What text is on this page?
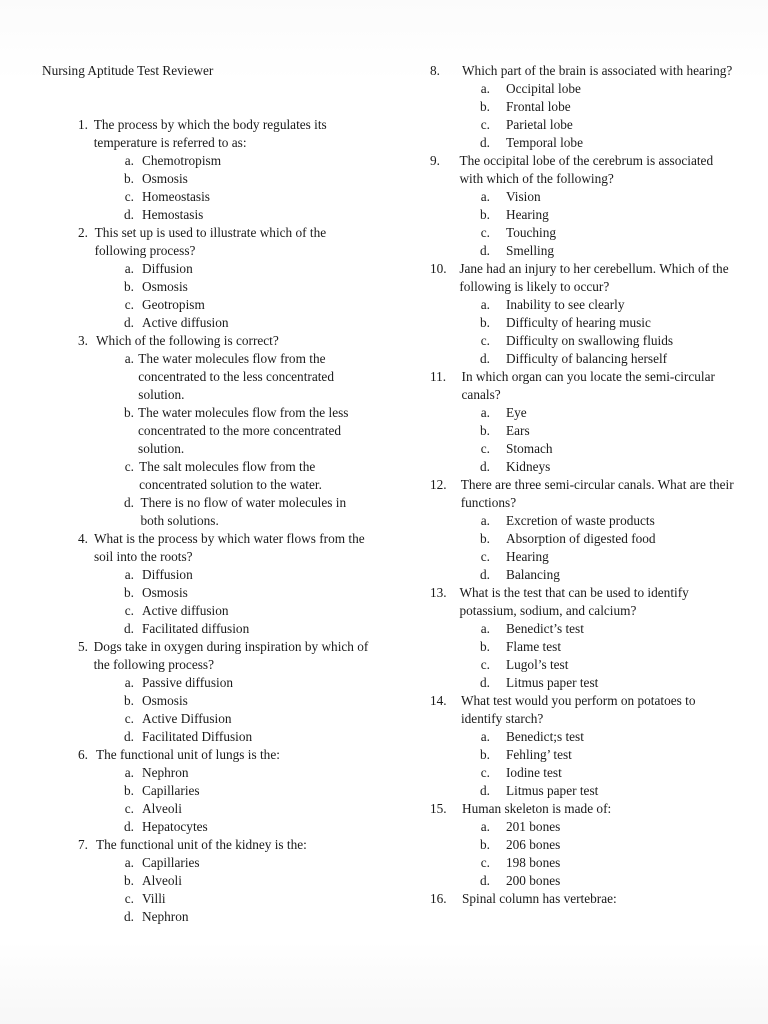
Nursing Aptitude Test Reviewer
1. The process by which the body regulates its temperature is referred to as:
a. Chemotropism
b. Osmosis
c. Homeostasis
d. Hemostasis
2. This set up is used to illustrate which of the following process?
a. Diffusion
b. Osmosis
c. Geotropism
d. Active diffusion
3. Which of the following is correct?
a. The water molecules flow from the concentrated to the less concentrated solution.
b. The water molecules flow from the less concentrated to the more concentrated solution.
c. The salt molecules flow from the concentrated solution to the water.
d. There is no flow of water molecules in both solutions.
4. What is the process by which water flows from the soil into the roots?
a. Diffusion
b. Osmosis
c. Active diffusion
d. Facilitated diffusion
5. Dogs take in oxygen during inspiration by which of the following process?
a. Passive diffusion
b. Osmosis
c. Active Diffusion
d. Facilitated Diffusion
6. The functional unit of lungs is the:
a. Nephron
b. Capillaries
c. Alveoli
d. Hepatocytes
7. The functional unit of the kidney is the:
a. Capillaries
b. Alveoli
c. Villi
d. Nephron
8.	Which part of the brain is associated with hearing?
a.	Occipital lobe
b.	Frontal lobe
c.	Parietal lobe
d.	Temporal lobe
9.	The occipital lobe of the cerebrum is associated with which of the following?
a.	Vision
b.	Hearing
c.	Touching
d.	Smelling
10. Jane had an injury to her cerebellum. Which of the following is likely to occur?
a.	Inability to see clearly
b.	Difficulty of hearing music
c.	Difficulty on swallowing fluids
d.	Difficulty of balancing herself
11.	In which organ can you locate the semi-circular canals?
a.	Eye
b.	Ears
c.	Stomach
d.	Kidneys
12.	There are three semi-circular canals. What are their functions?
a.	Excretion of waste products
b.	Absorption of digested food
c.	Hearing
d.	Balancing
13. What is the test that can be used to identify potassium, sodium, and calcium?
a.	Benedict’s test
b.	Flame test
c.	Lugol’s test
d.	Litmus paper test
14.	What test would you perform on potatoes to identify starch?
a.	Benedict;s test
b.	Fehling’ test
c.	Iodine test
d.	Litmus paper test
15.	Human skeleton is made of:
a.	201 bones
b.	206 bones
c.	198 bones
d.	200 bones
16.	Spinal column has vertebrae:
